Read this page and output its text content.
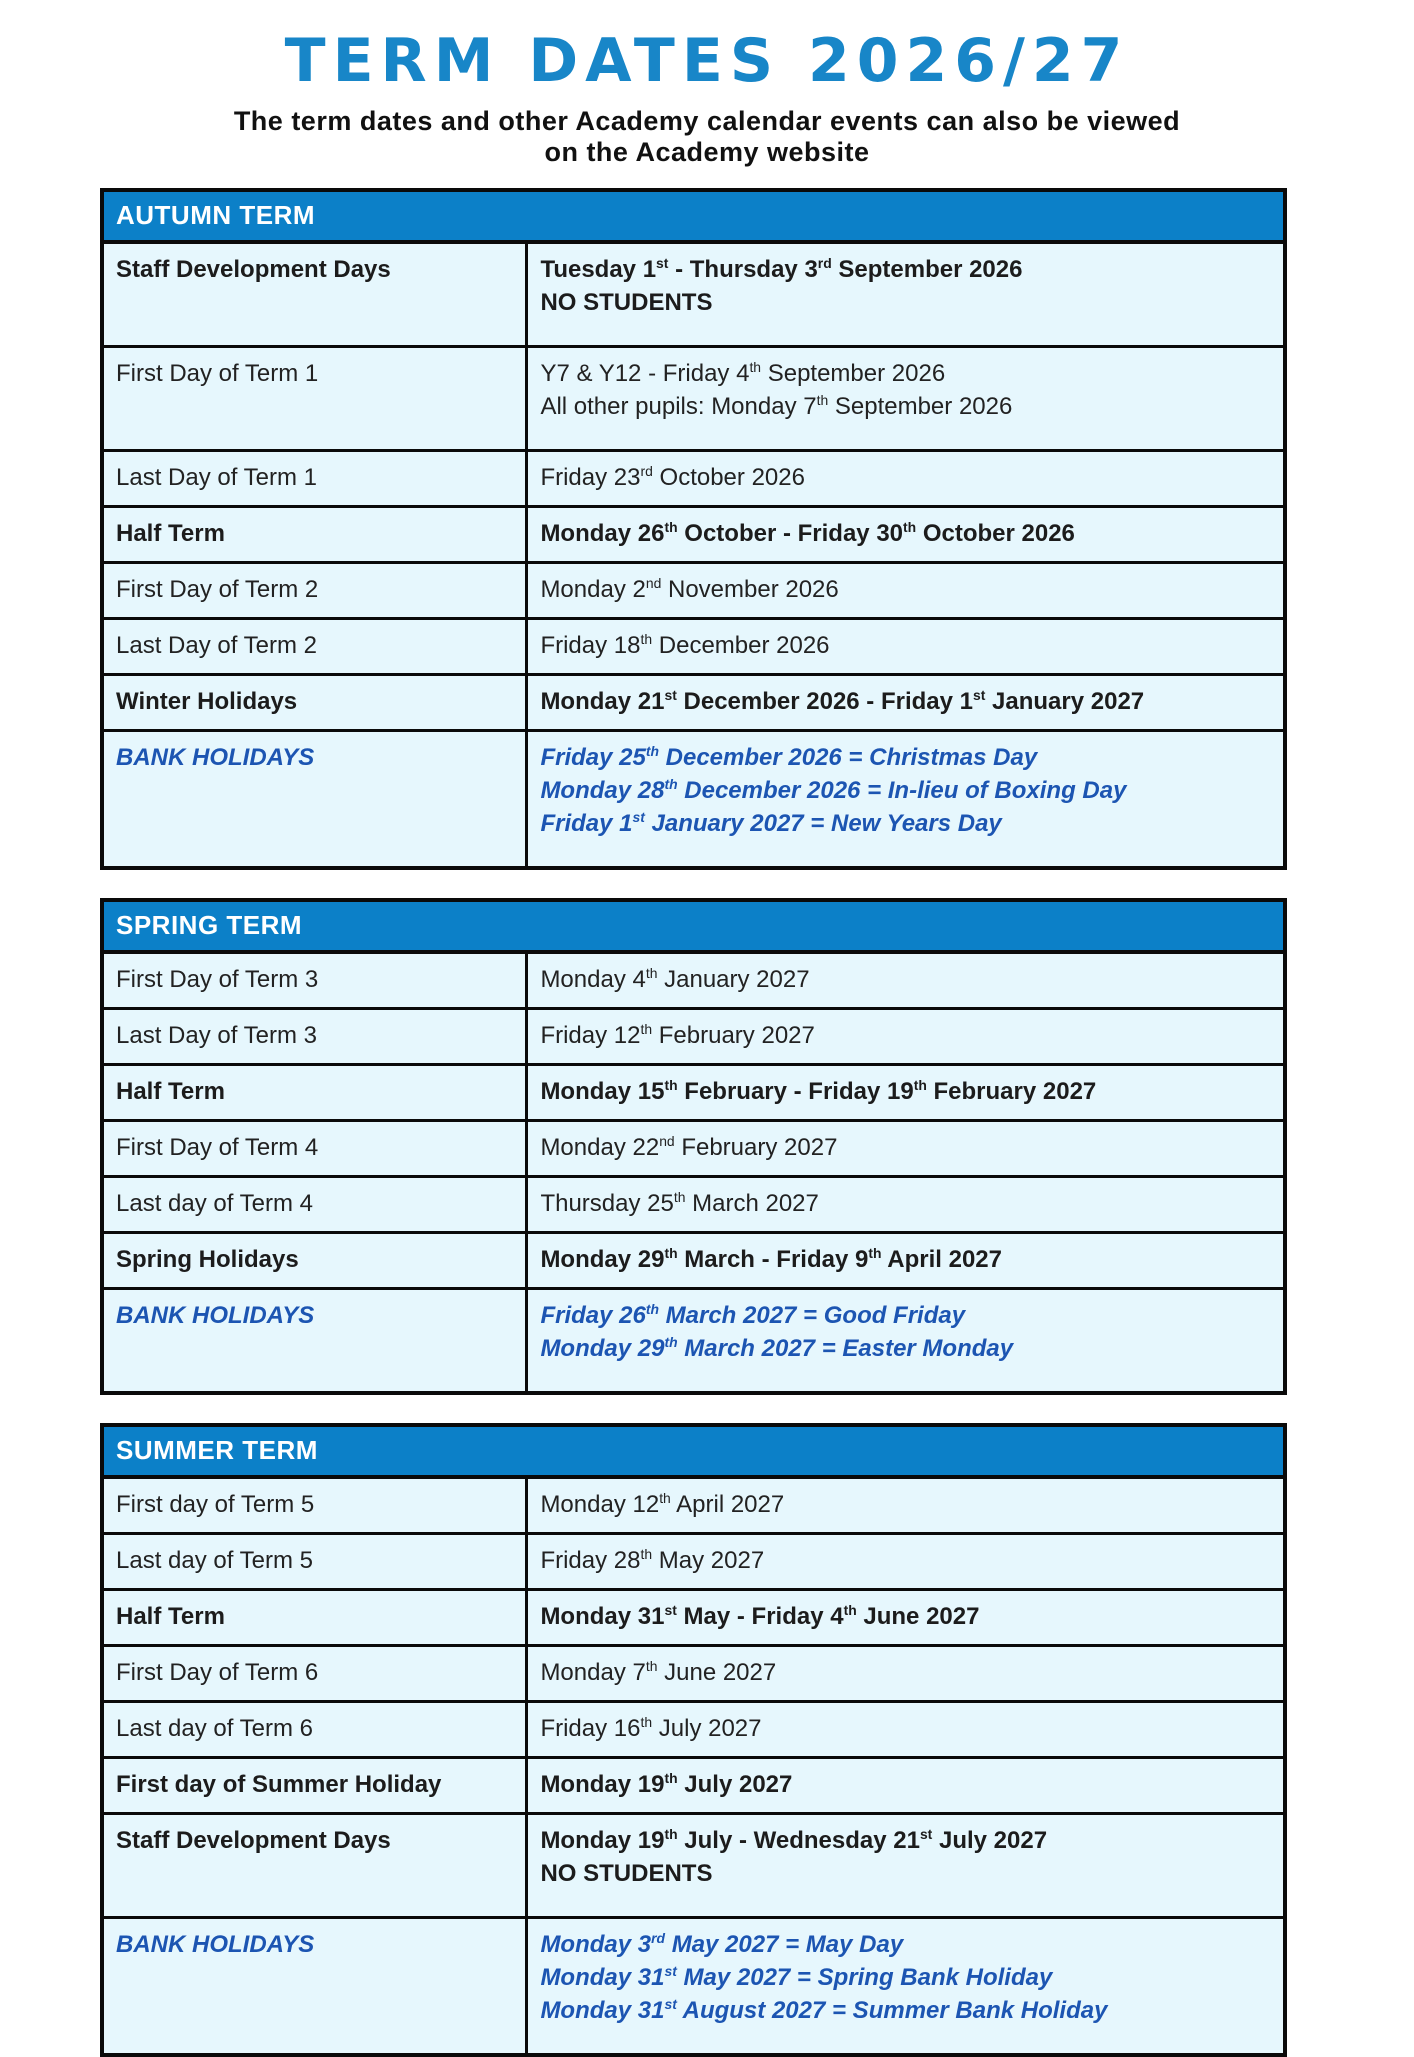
TERM DATES 2026/27

The term dates and other Academy calendar events can also be viewed on the Academy website

AUTUMN TERM
Staff Development Days	Tuesday 1st - Thursday 3rd September 2026
NO STUDENTS
First Day of Term 1	Y7 & Y12 - Friday 4th September 2026
All other pupils: Monday 7th September 2026
Last Day of Term 1	Friday 23rd October 2026
Half Term	Monday 26th October - Friday 30th October 2026
First Day of Term 2	Monday 2nd November 2026
Last Day of Term 2	Friday 18th December 2026
Winter Holidays	Monday 21st December 2026 - Friday 1st January 2027
BANK HOLIDAYS	Friday 25th December 2026 = Christmas Day
Monday 28th December 2026 = In-lieu of Boxing Day
Friday 1st January 2027 = New Years Day
SPRING TERM
First Day of Term 3	Monday 4th January 2027
Last Day of Term 3	Friday 12th February 2027
Half Term	Monday 15th February - Friday 19th February 2027
First Day of Term 4	Monday 22nd February 2027
Last day of Term 4	Thursday 25th March 2027
Spring Holidays	Monday 29th March - Friday 9th April 2027
BANK HOLIDAYS	Friday 26th March 2027 = Good Friday
Monday 29th March 2027 = Easter Monday
SUMMER TERM
First day of Term 5	Monday 12th April 2027
Last day of Term 5	Friday 28th May 2027
Half Term	Monday 31st May - Friday 4th June 2027
First Day of Term 6	Monday 7th June 2027
Last day of Term 6	Friday 16th July 2027
First day of Summer Holiday	Monday 19th July 2027
Staff Development Days	Monday 19th July - Wednesday 21st July 2027
NO STUDENTS
BANK HOLIDAYS	Monday 3rd May 2027 = May Day
Monday 31st May 2027 = Spring Bank Holiday
Monday 31st August 2027 = Summer Bank Holiday
